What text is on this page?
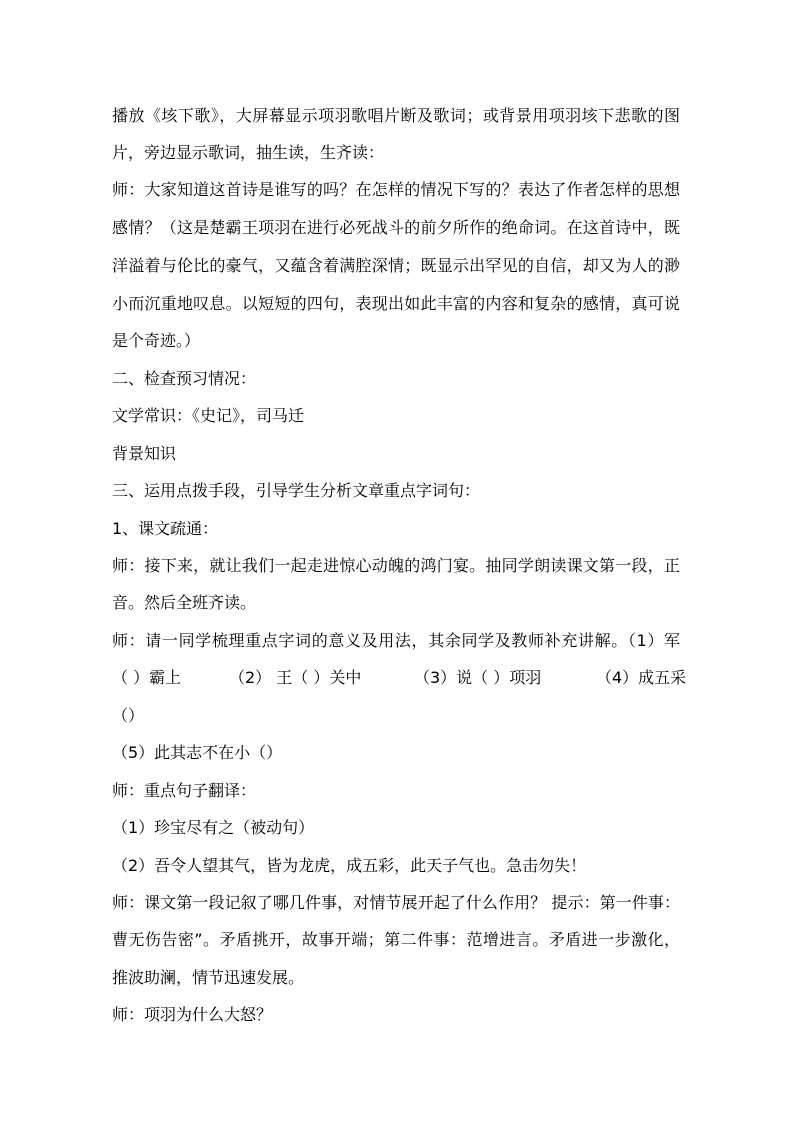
播放《垓下歌》，大屏幕显示项羽歌唱片断及歌词；或背景用项羽垓下悲歌的图
片，旁边显示歌词，抽生读，生齐读：
师：大家知道这首诗是谁写的吗？在怎样的情况下写的？表达了作者怎样的思想
感情？（这是楚霸王项羽在进行必死战斗的前夕所作的绝命词。在这首诗中，既
洋溢着与伦比的豪气，又蕴含着满腔深情；既显示出罕见的自信，却又为人的渺
小而沉重地叹息。以短短的四句，表现出如此丰富的内容和复杂的感情，真可说
是个奇迹。）
二、检查预习情况：
文学常识：《史记》，司马迁
背景知识
三、运用点拨手段，引导学生分析文章重点字词句：
1、课文疏通：
师：接下来，就让我们一起走进惊心动魄的鸿门宴。抽同学朗读课文第一段，正
音。然后全班齐读。
师：请一同学梳理重点字词的意义及用法，其余同学及教师补充讲解。（1）军
（ ）霸上	（2） 王（ ）关中	（3）说（ ）项羽	（4）成五采
（）
（5）此其志不在小（）
师：重点句子翻译：
（1）珍宝尽有之（被动句）
（2）吾令人望其气，皆为龙虎，成五彩，此天子气也。急击勿失！
师：课文第一段记叙了哪几件事，对情节展开起了什么作用？ 提示：第一件事：
曹无伤告密”。矛盾挑开，故事开端；第二件事：范增进言。矛盾进一步激化，
推波助澜，情节迅速发展。
师：项羽为什么大怒？
